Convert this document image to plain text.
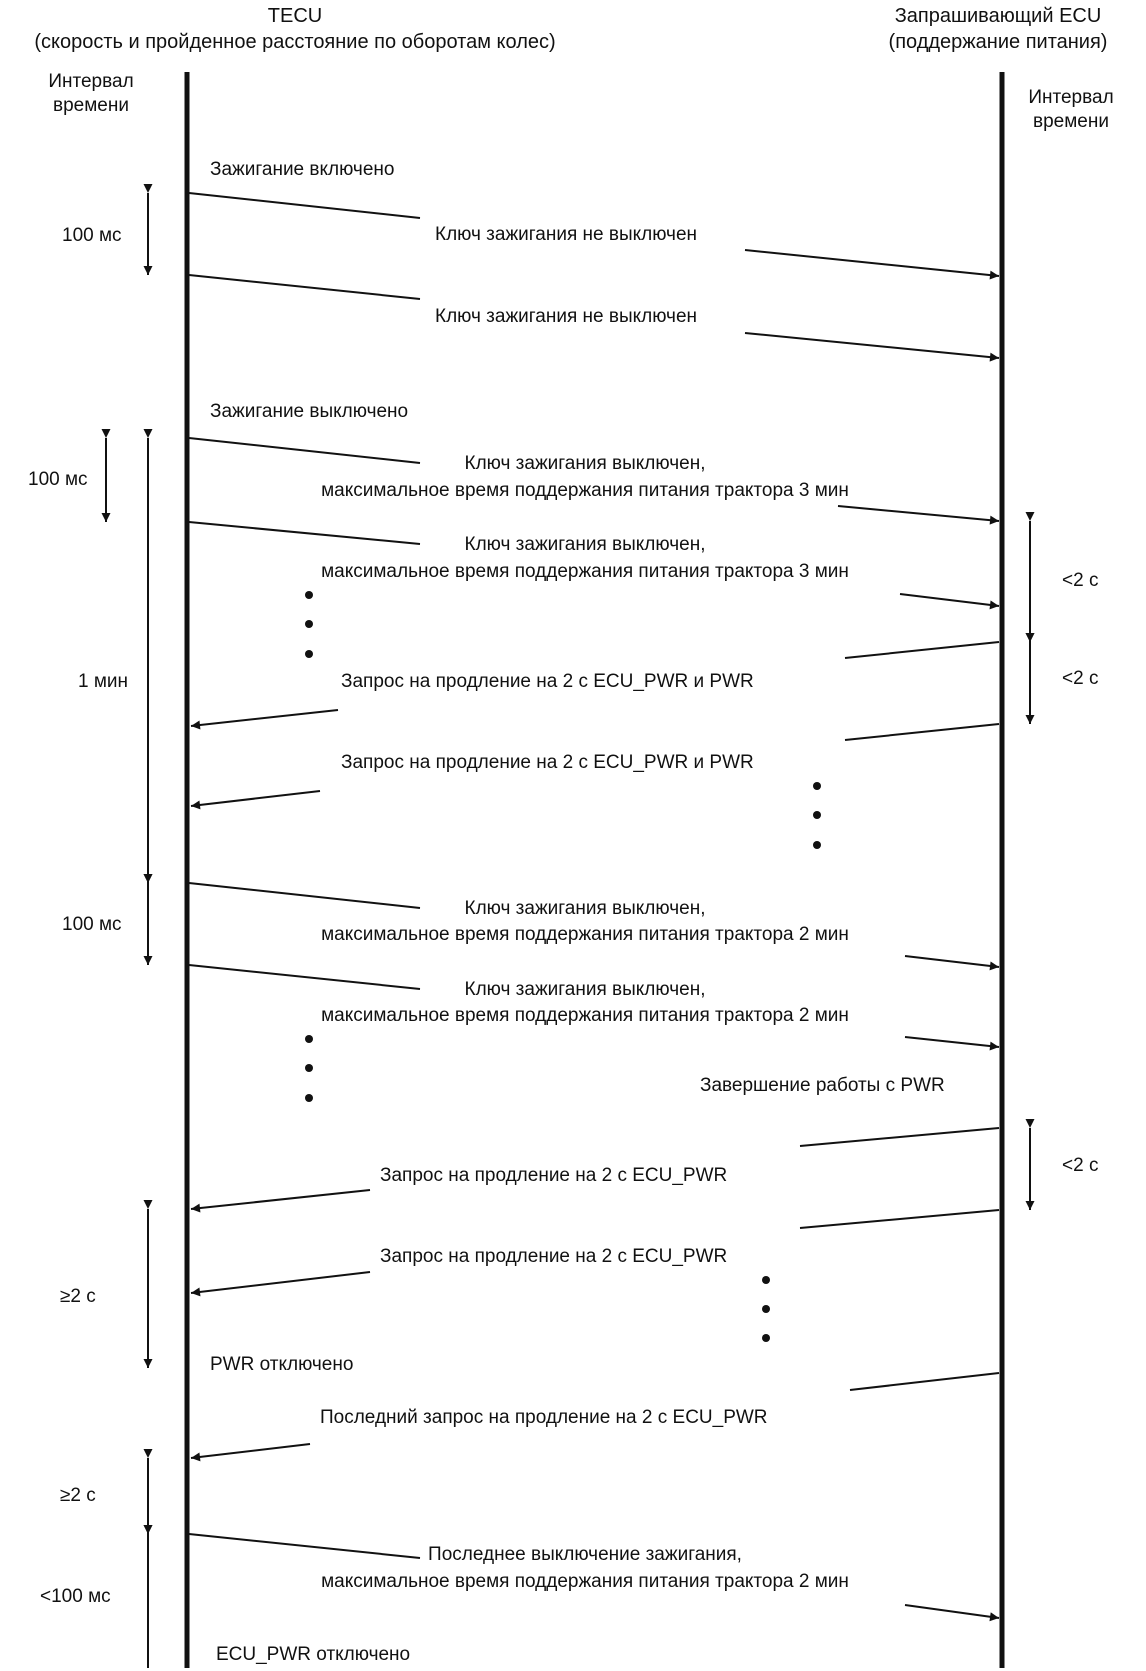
TECU
(скорость и пройденное расстояние по оборотам колес)
Запрашивающий ECU
(поддержание питания)
Интервал
времени	Интервал
времени
Зажигание включено
Зажигание выключено
Завершение работы с PWR
PWR отключено
ECU_PWR отключено
Ключ зажигания не выключен
Ключ зажигания не выключен
Ключ зажигания выключен,
максимальное время поддержания питания трактора 3 мин
Ключ зажигания выключен,
максимальное время поддержания питания трактора 3 мин
Запрос на продление на 2 с ECU_PWR и PWR
Запрос на продление на 2 с ECU_PWR и PWR
Ключ зажигания выключен,
максимальное время поддержания питания трактора 2 мин
Ключ зажигания выключен,
максимальное время поддержания питания трактора 2 мин
Запрос на продление на 2 с ECU_PWR
Запрос на продление на 2 с ECU_PWR
Последний запрос на продление на 2 с ECU_PWR
Последнее выключение зажигания,
максимальное время поддержания питания трактора 2 мин
100 мс
100 мс
1 мин
100 мс
≥2 с
≥2 с
<100 мс
<2 с
<2 с
<2 с
